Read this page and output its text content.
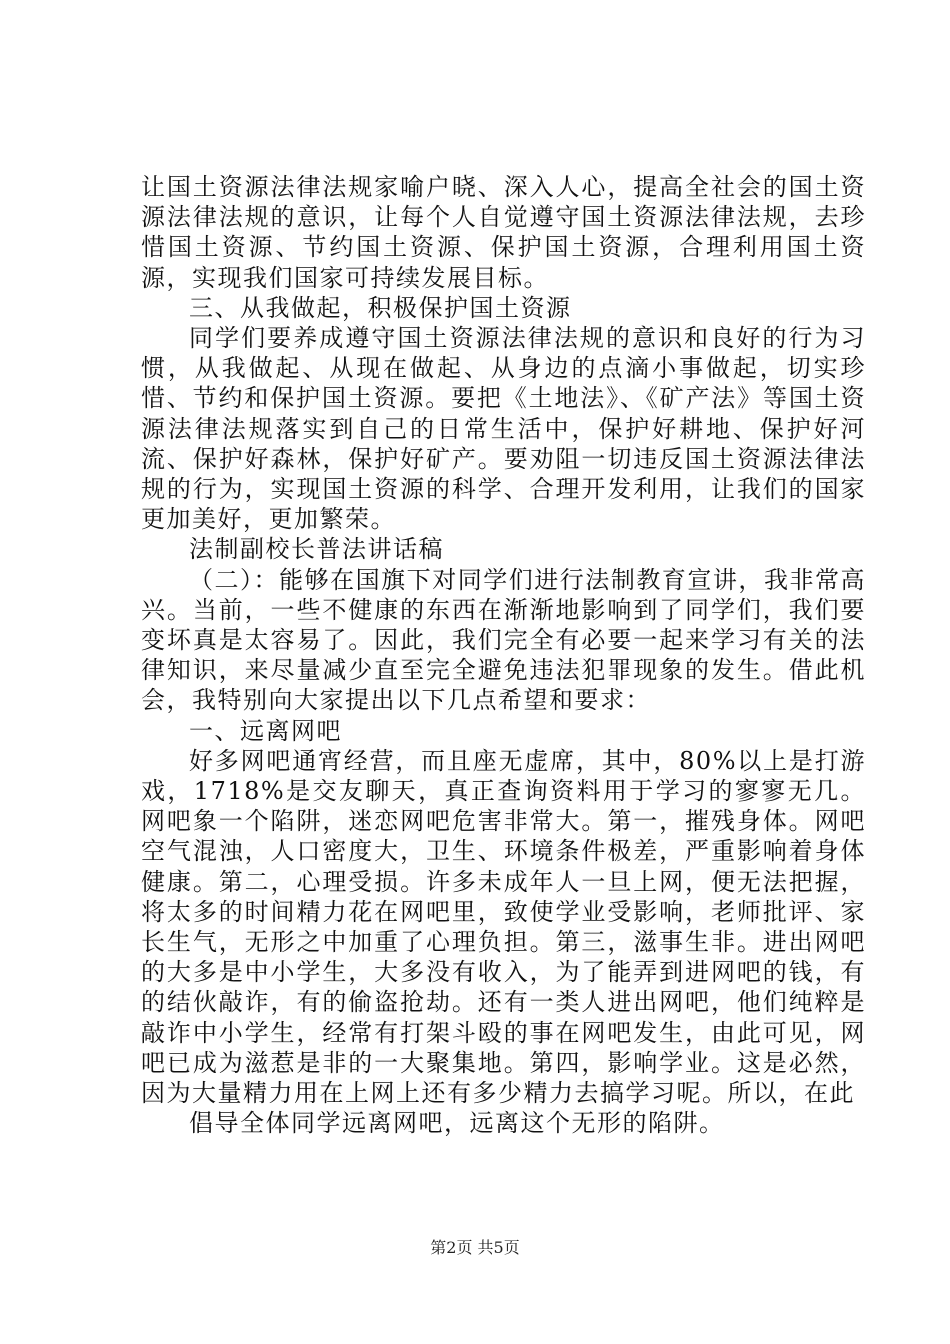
让国土资源法律法规家喻户晓、深入人心，提高全社会的国土资源法律法规的意识，让每个人自觉遵守国土资源法律法规，去珍惜国土资源、节约国土资源、保护国土资源，合理利用国土资源，实现我们国家可持续发展目标。

三、从我做起，积极保护国土资源

同学们要养成遵守国土资源法律法规的意识和良好的行为习惯，从我做起、从现在做起、从身边的点滴小事做起，切实珍惜、节约和保护国土资源。要把《土地法》、《矿产法》等国土资源法律法规落实到自己的日常生活中，保护好耕地、保护好河流、保护好森林，保护好矿产。要劝阻一切违反国土资源法律法规的行为，实现国土资源的科学、合理开发利用，让我们的国家更加美好，更加繁荣。

法制副校长普法讲话稿

（二）：能够在国旗下对同学们进行法制教育宣讲，我非常高兴。当前，一些不健康的东西在渐渐地影响到了同学们，我们要变坏真是太容易了。因此，我们完全有必要一起来学习有关的法律知识，来尽量减少直至完全避免违法犯罪现象的发生。借此机会，我特别向大家提出以下几点希望和要求：

一、远离网吧

好多网吧通宵经营，而且座无虚席，其中，80%以上是打游戏，1718%是交友聊天，真正查询资料用于学习的寥寥无几。网吧象一个陷阱，迷恋网吧危害非常大。第一，摧残身体。网吧空气混浊，人口密度大，卫生、环境条件极差，严重影响着身体健康。第二，心理受损。许多未成年人一旦上网，便无法把握，将太多的时间精力花在网吧里，致使学业受影响，老师批评、家长生气，无形之中加重了心理负担。第三，滋事生非。进出网吧的大多是中小学生，大多没有收入，为了能弄到进网吧的钱，有的结伙敲诈，有的偷盗抢劫。还有一类人进出网吧，他们纯粹是敲诈中小学生，经常有打架斗殴的事在网吧发生，由此可见，网吧已成为滋惹是非的一大聚集地。第四，影响学业。这是必然，因为大量精力用在上网上还有多少精力去搞学习呢。所以，在此

倡导全体同学远离网吧，远离这个无形的陷阱。

第2页 共5页
